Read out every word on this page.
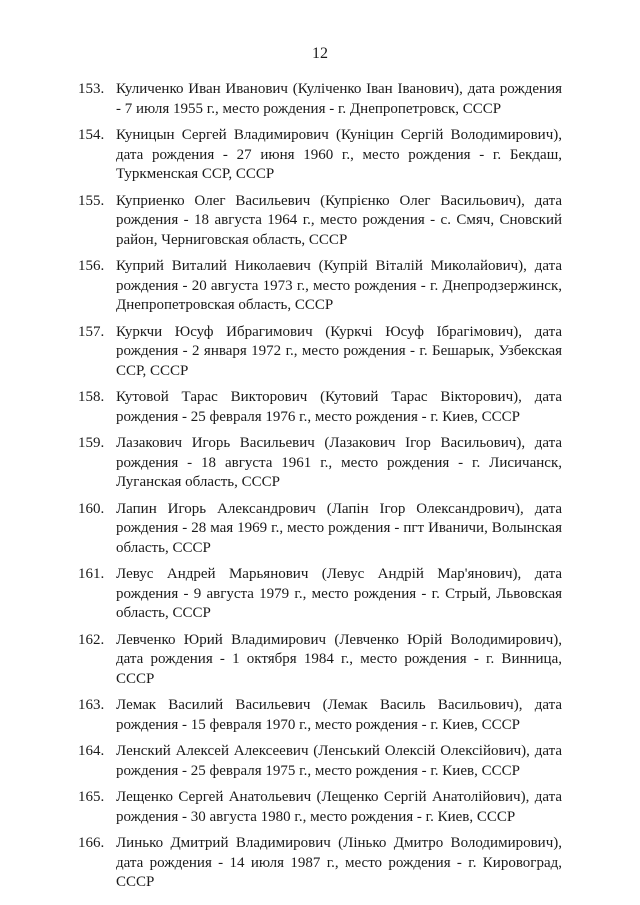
12
153. Куличенко Иван Иванович (Куліченко Іван Іванович), дата рождения - 7 июля 1955 г., место рождения - г. Днепропетровск, СССР
154. Куницын Сергей Владимирович (Куніцин Сергій Володимирович), дата рождения - 27 июня 1960 г., место рождения - г. Бекдаш, Туркменская ССР, СССР
155. Куприенко Олег Васильевич (Купрієнко Олег Васильович), дата рождения - 18 августа 1964 г., место рождения - с. Смяч, Сновский район, Черниговская область, СССР
156. Куприй Виталий Николаевич (Купрій Віталій Миколайович), дата рождения - 20 августа 1973 г., место рождения - г. Днепродзержинск, Днепропетровская область, СССР
157. Куркчи Юсуф Ибрагимович (Куркчі Юсуф Ібрагімович), дата рождения - 2 января 1972 г., место рождения - г. Бешарык, Узбекская ССР, СССР
158. Кутовой Тарас Викторович (Кутовий Тарас Вікторович), дата рождения - 25 февраля 1976 г., место рождения - г. Киев, СССР
159. Лазакович Игорь Васильевич (Лазакович Ігор Васильович), дата рождения - 18 августа 1961 г., место рождения - г. Лисичанск, Луганская область, СССР
160. Лапин Игорь Александрович (Лапін Ігор Олександрович), дата рождения - 28 мая 1969 г., место рождения - пгт Иваничи, Волынская область, СССР
161. Левус Андрей Марьянович (Левус Андрій Мар'янович), дата рождения - 9 августа 1979 г., место рождения - г. Стрый, Львовская область, СССР
162. Левченко Юрий Владимирович (Левченко Юрій Володимирович), дата рождения - 1 октября 1984 г., место рождения - г. Винница, СССР
163. Лемак Василий Васильевич (Лемак Василь Васильович), дата рождения - 15 февраля 1970 г., место рождения - г. Киев, СССР
164. Ленский Алексей Алексеевич (Ленський Олексій Олексійович), дата рождения - 25 февраля 1975 г., место рождения - г. Киев, СССР
165. Лещенко Сергей Анатольевич (Лещенко Сергій Анатолійович), дата рождения - 30 августа 1980 г., место рождения - г. Киев, СССР
166. Линько Дмитрий Владимирович (Лінько Дмитро Володимирович), дата рождения - 14 июля 1987 г., место рождения - г. Кировоград, СССР
